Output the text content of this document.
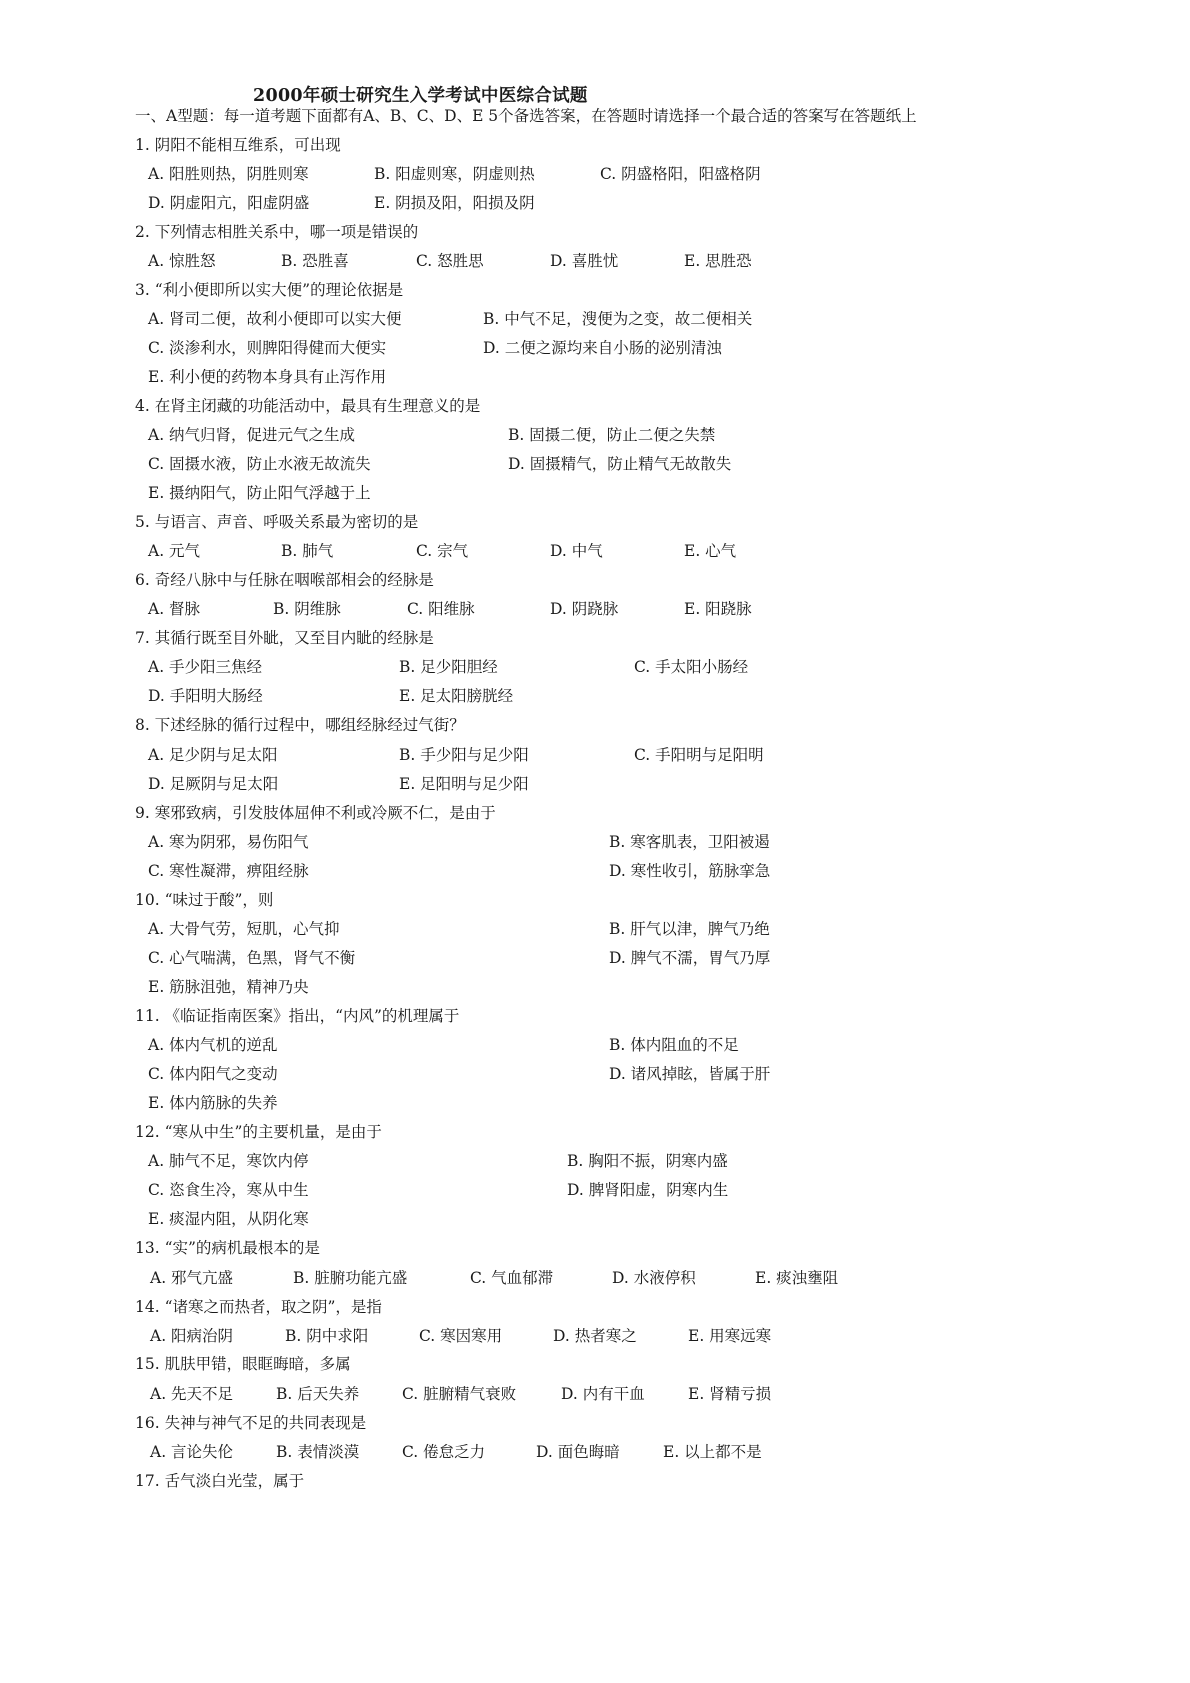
2000年硕士研究生入学考试中医综合试题
一、A型题：每一道考题下面都有A、B、C、D、E 5个备选答案，在答题时请选择一个最合适的答案写在答题纸上
1. 阴阳不能相互维系，可出现
A. 阳胜则热，阴胜则寒	B. 阳虚则寒，阴虚则热	C. 阴盛格阳，阳盛格阴
D. 阴虚阳亢，阳虚阴盛	E. 阴损及阳，阳损及阴
2. 下列情志相胜关系中，哪一项是错误的
A. 惊胜怒	B. 恐胜喜	C. 怒胜思	D. 喜胜忧	E. 思胜恐
3. “利小便即所以实大便”的理论依据是
A. 肾司二便，故利小便即可以实大便	B. 中气不足，溲便为之变，故二便相关
C. 淡渗利水，则脾阳得健而大便实	D. 二便之源均来自小肠的泌别清浊
E. 利小便的药物本身具有止泻作用
4. 在肾主闭藏的功能活动中，最具有生理意义的是
A. 纳气归肾，促进元气之生成	B. 固摄二便，防止二便之失禁
C. 固摄水液，防止水液无故流失	D. 固摄精气，防止精气无故散失
E. 摄纳阳气，防止阳气浮越于上
5. 与语言、声音、呼吸关系最为密切的是
A. 元气	B. 肺气	C. 宗气	D. 中气	E. 心气
6. 奇经八脉中与任脉在咽喉部相会的经脉是
A. 督脉	B. 阴维脉	C. 阳维脉	D. 阴跷脉	E. 阳跷脉
7. 其循行既至目外眦，又至目内眦的经脉是
A. 手少阳三焦经	B. 足少阳胆经	C. 手太阳小肠经
D. 手阳明大肠经	E. 足太阳膀胱经
8. 下述经脉的循行过程中，哪组经脉经过气街？
A. 足少阴与足太阳	B. 手少阳与足少阳	C. 手阳明与足阳明
D. 足厥阴与足太阳	E. 足阳明与足少阳
9. 寒邪致病，引发肢体屈伸不利或冷厥不仁，是由于
A. 寒为阴邪，易伤阳气	B. 寒客肌表，卫阳被遏
C. 寒性凝滞，痹阻经脉	D. 寒性收引，筋脉挛急
10. “味过于酸”，则
A. 大骨气劳，短肌，心气抑	B. 肝气以津，脾气乃绝
C. 心气喘满，色黑，肾气不衡	D. 脾气不濡，胃气乃厚
E. 筋脉沮弛，精神乃央
11. 《临证指南医案》指出，“内风”的机理属于
A. 体内气机的逆乱	B. 体内阻血的不足
C. 体内阳气之变动	D. 诸风掉眩，皆属于肝
E. 体内筋脉的失养
12. “寒从中生”的主要机量，是由于
A. 肺气不足，寒饮内停	B. 胸阳不振，阴寒内盛
C. 恣食生冷，寒从中生	D. 脾肾阳虚，阴寒内生
E. 痰湿内阻，从阴化寒
13. “实”的病机最根本的是
A. 邪气亢盛	B. 脏腑功能亢盛	C. 气血郁滞	D. 水液停积	E. 痰浊壅阻
14. “诸寒之而热者，取之阴”，是指
A. 阳病治阴	B. 阴中求阳	C. 寒因寒用	D. 热者寒之	E. 用寒远寒
15. 肌肤甲错，眼眶晦暗，多属
A. 先天不足	B. 后天失养	C. 脏腑精气衰败	D. 内有干血	E. 肾精亏损
16. 失神与神气不足的共同表现是
A. 言论失伦	B. 表情淡漠	C. 倦怠乏力	D. 面色晦暗	E. 以上都不是
17. 舌气淡白光莹，属于
